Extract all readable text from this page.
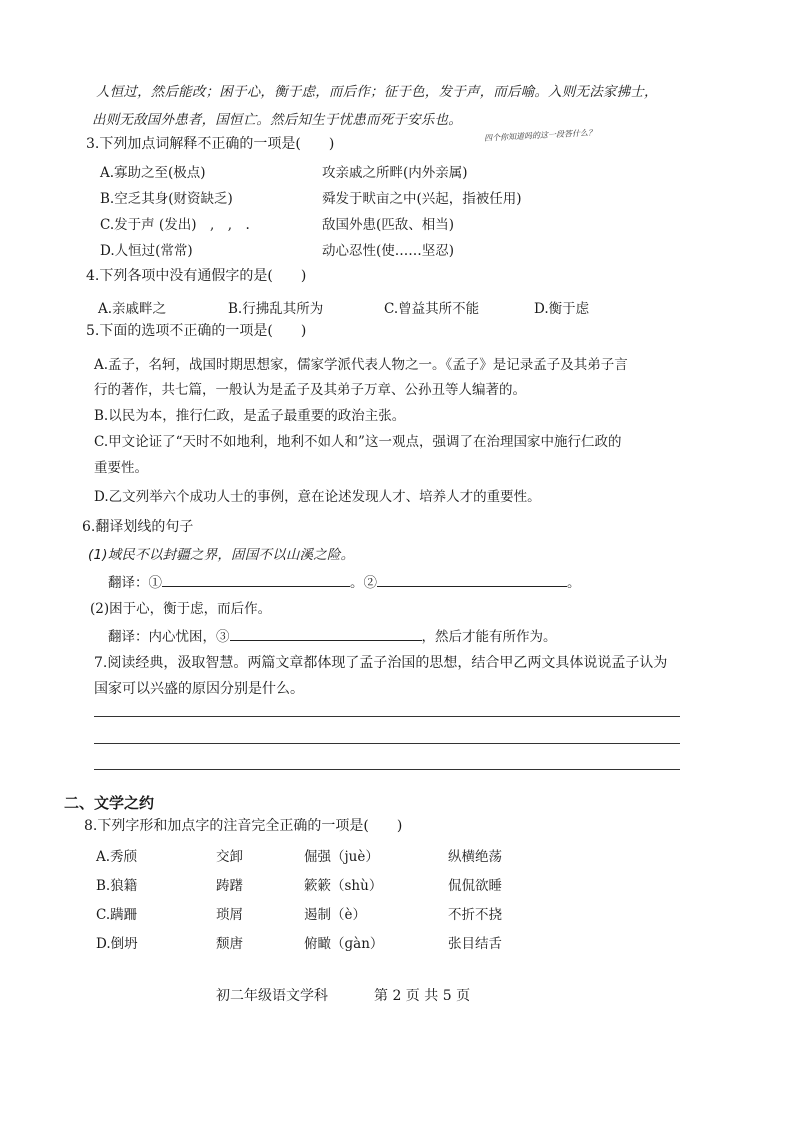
人恒过，然后能改；困于心，衡于虑，而后作；征于色，发于声，而后喻。入则无法家拂士，
出则无敌国外患者，国恒亡。然后知生于忧患而死于安乐也。
四个你知道吗的这一段答什么？
3.下列加点词解释不正确的一项是(　　)
A.寡助之至(极点)	攻亲戚之所畔(内外亲属)
B.空乏其身(财资缺乏)	舜发于畎亩之中(兴起，指被任用)
C.发于声 (发出)　,　,　.	敌国外患(匹敌、相当)
D.人恒过(常常)	动心忍性(使……坚忍)
4.下列各项中没有通假字的是(　　)
A.亲戚畔之	B.行拂乱其所为	C.曾益其所不能	D.衡于虑
5.下面的选项不正确的一项是(　　)
A.孟子，名轲，战国时期思想家，儒家学派代表人物之一。《孟子》是记录孟子及其弟子言
行的著作，共七篇，一般认为是孟子及其弟子万章、公孙丑等人编著的。
B.以民为本，推行仁政，是孟子最重要的政治主张。
C.甲文论证了“天时不如地利，地利不如人和”这一观点，强调了在治理国家中施行仁政的
重要性。
D.乙文列举六个成功人士的事例，意在论述发现人才、培养人才的重要性。
6.翻译划线的句子
(1)域民不以封疆之界，固国不以山溪之险。
翻译：①	。②	。
(2)困于心，衡于虑，而后作。
翻译：内心忧困，③	，然后才能有所作为。
7.阅读经典，汲取智慧。两篇文章都体现了孟子治国的思想，结合甲乙两文具体说说孟子认为
国家可以兴盛的原因分别是什么。
二、文学之约
8.下列字形和加点字的注音完全正确的一项是(　　)
A.秀颀	交卸	倔强（juè）	纵横绝荡
B.狼籍	踌躇	簌簌（shù）	侃侃欲睡
C.蹒跚	琐屑	遏制（è）	不折不挠
D.倒坍	颓唐	俯瞰（ɡàn）	张目结舌
初二年级语文学科	第 2 页 共 5 页
